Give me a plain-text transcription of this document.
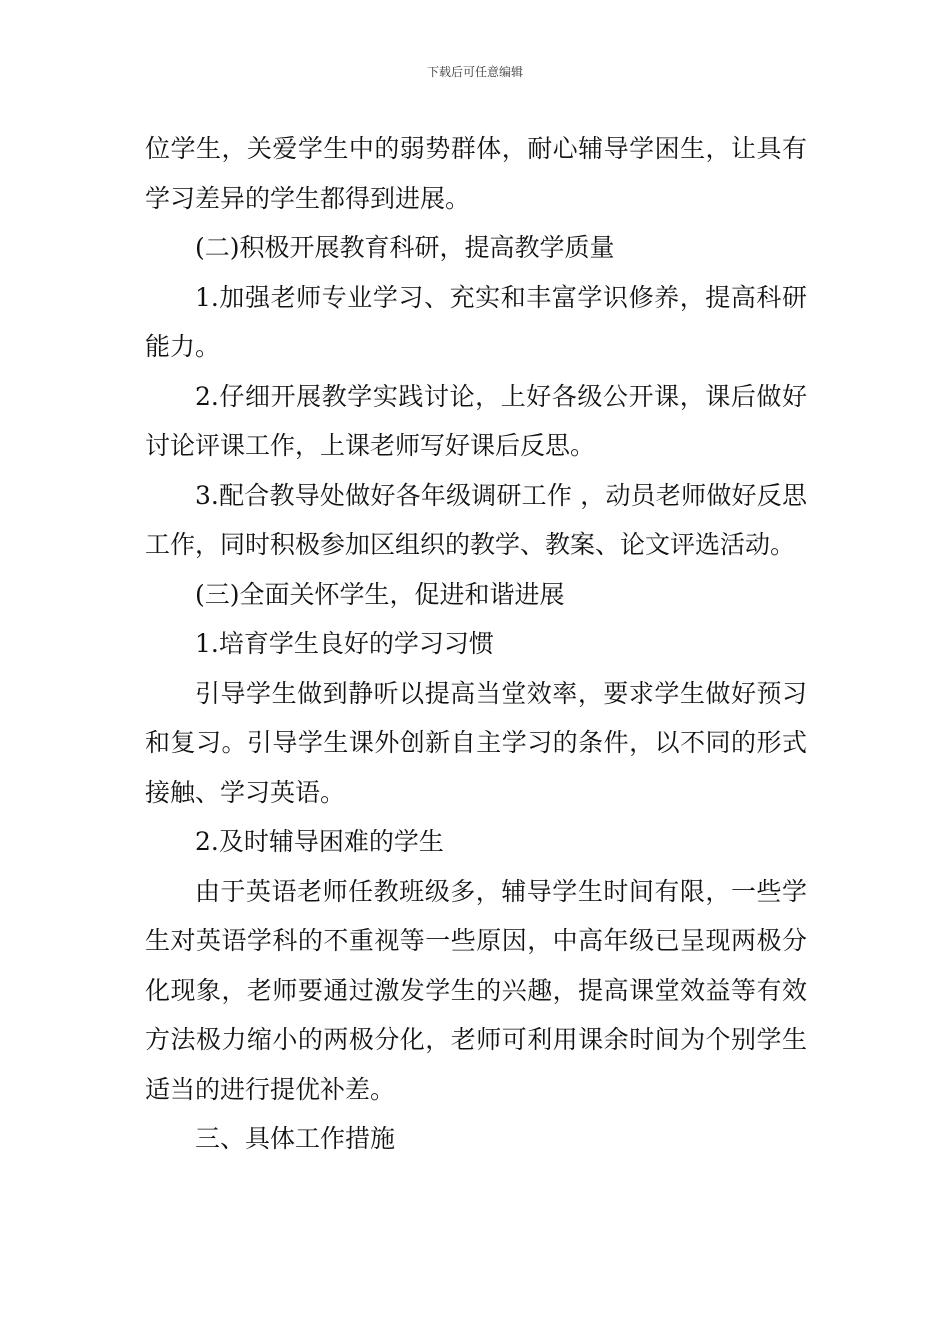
下载后可任意编辑

位学生，关爱学生中的弱势群体，耐心辅导学困生，让具有学习差异的学生都得到进展。

(二)积极开展教育科研，提高教学质量

1.加强老师专业学习、充实和丰富学识修养，提高科研能力。

2.仔细开展教学实践讨论，上好各级公开课，课后做好讨论评课工作，上课老师写好课后反思。

3.配合教导处做好各年级调研工作 ，动员老师做好反思工作，同时积极参加区组织的教学、教案、论文评选活动。

(三)全面关怀学生，促进和谐进展

1.培育学生良好的学习习惯

引导学生做到静听以提高当堂效率，要求学生做好预习和复习。引导学生课外创新自主学习的条件，以不同的形式接触、学习英语。

2.及时辅导困难的学生

由于英语老师任教班级多，辅导学生时间有限，一些学生对英语学科的不重视等一些原因，中高年级已呈现两极分化现象，老师要通过激发学生的兴趣，提高课堂效益等有效方法极力缩小的两极分化，老师可利用课余时间为个别学生适当的进行提优补差。

三、具体工作措施
